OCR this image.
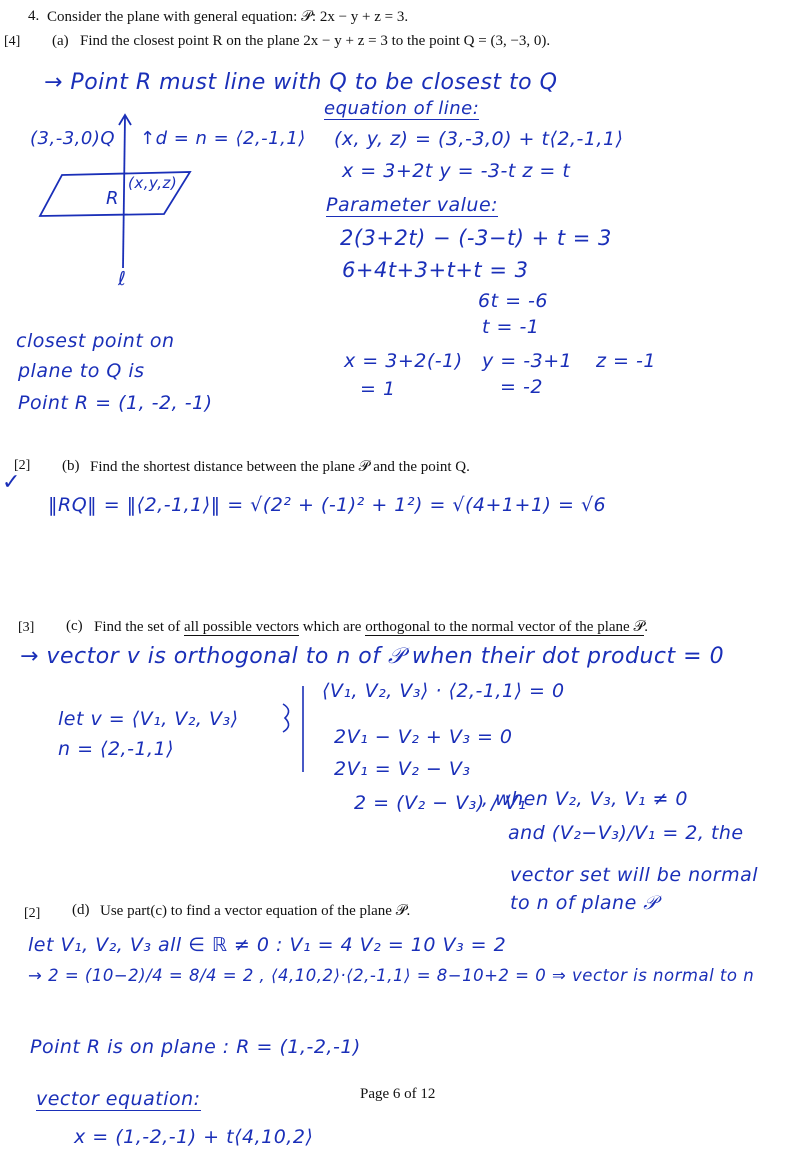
4. Consider the plane with general equation: 𝒫: 2x − y + z = 3.
[4] (a) Find the closest point R on the plane 2x − y + z = 3 to the point Q = (3, −3, 0).
→ Point R must line with Q to be closest to Q
(3,-3,0)Q ↑d = n = ⟨2,-1,1⟩
R
(x,y,z)
ℓ
equation of line:
(x, y, z) = (3,-3,0) + t⟨2,-1,1⟩
x = 3+2t y = -3-t z = t
Parameter value:
2(3+2t) − (-3−t) + t = 3
6+4t+3+t+t = 3
6t = -6
t = -1
x = 3+2(-1)
= 1
y = -3+1
= -2
z = -1
closest point on
plane to Q is
Point R = (1, -2, -1)
[2]
✓
(b) Find the shortest distance between the plane 𝒫 and the point Q.
‖RQ‖ = ‖⟨2,-1,1⟩‖ = √(2² + (-1)² + 1²) = √(4+1+1) = √6
[3] (c) Find the set of all possible vectors which are orthogonal to the normal vector of the plane 𝒫.
→ vector v is orthogonal to n of 𝒫 when their dot product = 0
let v = ⟨V₁, V₂, V₃⟩
n = ⟨2,-1,1⟩
⟨V₁, V₂, V₃⟩ · ⟨2,-1,1⟩ = 0
2V₁ − V₂ + V₃ = 0
2V₁ = V₂ − V₃
2 = (V₂ − V₃) / V₁
, when V₂, V₃, V₁ ≠ 0
and (V₂−V₃)/V₁ = 2, the
vector set will be normal
to n of plane 𝒫
[2] (d) Use part(c) to find a vector equation of the plane 𝒫.
let V₁, V₂, V₃ all ∈ ℝ ≠ 0 : V₁ = 4 V₂ = 10 V₃ = 2
→ 2 = (10−2)/4 = 8/4 = 2 , ⟨4,10,2⟩·⟨2,-1,1⟩ = 8−10+2 = 0 ⇒ vector is normal to n
Point R is on plane : R = (1,-2,-1)
vector equation:
x = (1,-2,-1) + t⟨4,10,2⟩
Page 6 of 12
